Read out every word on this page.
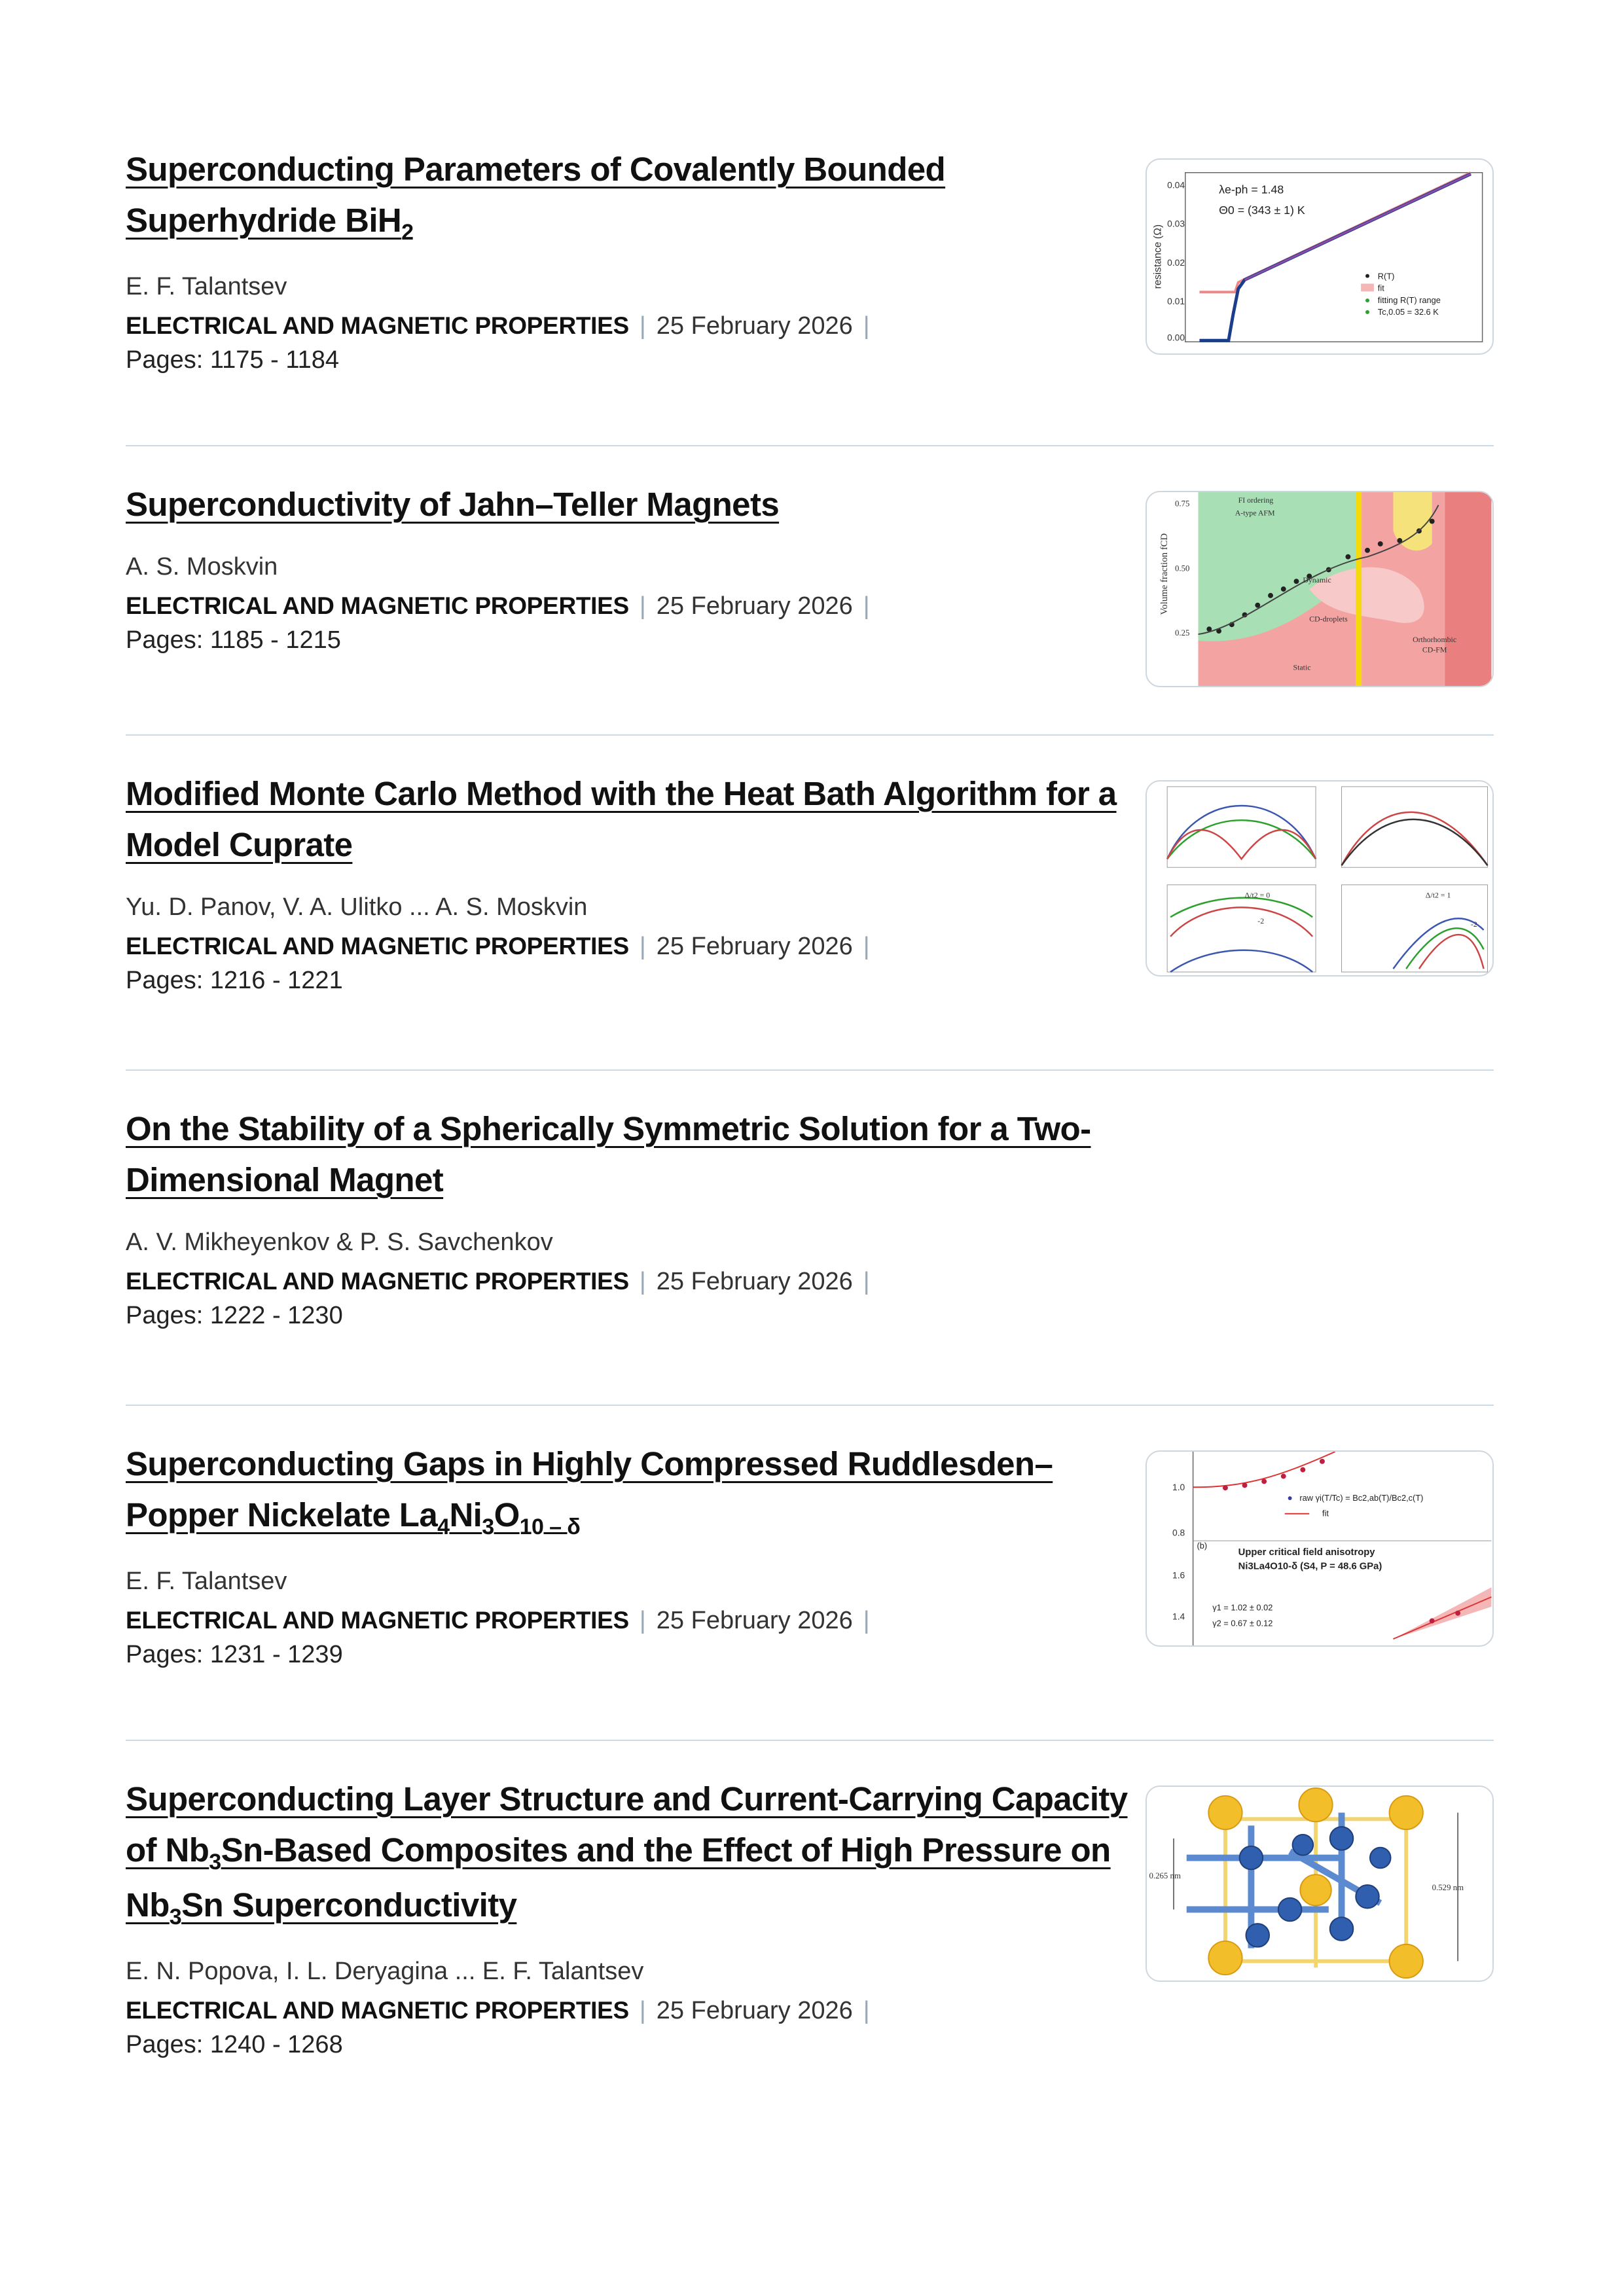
Superconducting Parameters of Covalently Bounded Superhydride BiH$_2$
E. F. Talantsev
ELECTRICAL AND MAGNETIC PROPERTIES | 25 February 2026 |
Pages: 1175 - 1184
resistance (Ω)
0.04
0.03
0.02
0.01
0.00
λe-ph = 1.48
Θ0 = (343 ± 1) K
R(T)
fit
fitting R(T) range
Tc,0.05 = 32.6 K
Superconductivity of Jahn–Teller Magnets
A. S. Moskvin
ELECTRICAL AND MAGNETIC PROPERTIES | 25 February 2026 |
Pages: 1185 - 1215
Volume fraction fCD
0.75
0.50
0.25
FI ordering
A-type AFM
Dynamic
CD-droplets
Orthorhombic
CD-FM
Static
Modified Monte Carlo Method with the Heat Bath Algorithm for a Model Cuprate
Yu. D. Panov, V. A. Ulitko ... A. S. Moskvin
ELECTRICAL AND MAGNETIC PROPERTIES | 25 February 2026 |
Pages: 1216 - 1221
Δ/t2 = 0	Δ/t2 = 1
-2	-2
On the Stability of a Spherically Symmetric Solution for a Two-Dimensional Magnet
A. V. Mikheyenkov & P. S. Savchenkov
ELECTRICAL AND MAGNETIC PROPERTIES | 25 February 2026 |
Pages: 1222 - 1230
Superconducting Gaps in Highly Compressed Ruddlesden–Popper Nickelate $La_4Ni_3O_{10 - \delta}$
E. F. Talantsev
ELECTRICAL AND MAGNETIC PROPERTIES | 25 February 2026 |
Pages: 1231 - 1239
1.0
0.8
1.6
1.4
raw γi(T/Tc) = Bc2,ab(T)/Bc2,c(T)
fit
(b)
Upper critical field anisotropy
Ni3La4O10-δ (S4, P = 48.6 GPa)
γ1 = 1.02 ± 0.02
γ2 = 0.67 ± 0.12
Superconducting Layer Structure and Current-Carrying Capacity of $Nb_3Sn$-Based Composites and the Effect of High Pressure on $Nb_3Sn$ Superconductivity
E. N. Popova, I. L. Deryagina ... E. F. Talantsev
ELECTRICAL AND MAGNETIC PROPERTIES | 25 February 2026 |
Pages: 1240 - 1268
0.265 nm
0.529 nm
